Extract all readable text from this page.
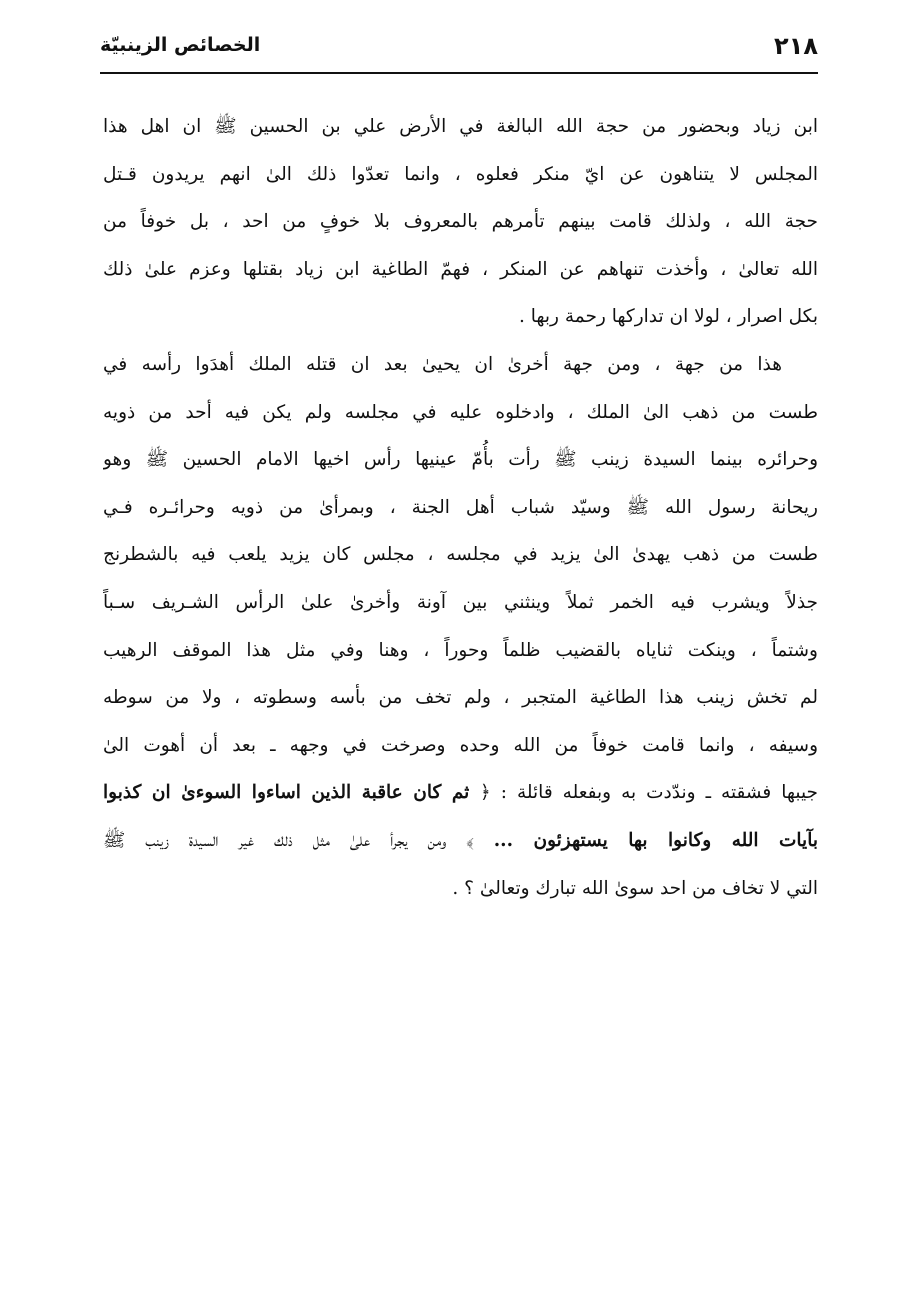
٢١٨
الخصائص الزينبيّة
ابن زياد وبحضور من حجة الله البالغة في الأرض علي بن الحسين ﷺ ان اهل هذا
المجلس لا يتناهون عن ايّ منكر فعلوه ، وانما تعدّوا ذلك الىٰ انهم يريدون قـتل
حجة الله ، ولذلك قامت بينهم تأمرهم بالمعروف بلا خوفٍ من احد ، بل خوفاً من
الله تعالىٰ ، وأخذت تنهاهم عن المنكر ، فهمّ الطاغية ابن زياد بقتلها وعزم علىٰ ذلك
بكل اصرار ، لولا ان تداركها رحمة ربها .
هذا من جهة ، ومن جهة أخرىٰ ان يحيىٰ بعد ان قتله الملك أهدَوا رأسه في
طست من ذهب الىٰ الملك ، وادخلوه عليه في مجلسه ولم يكن فيه أحد من ذويه
وحرائره بينما السيدة زينب ﷺ رأت بأُمّ عينيها رأس اخيها الامام الحسين ﷺ وهو
ريحانة رسول الله ﷺ وسيّد شباب أهل الجنة ، وبمرأىٰ من ذويه وحرائـره فـي
طست من ذهب يهدىٰ الىٰ يزيد في مجلسه ، مجلس كان يزيد يلعب فيه بالشطرنج
جذلاً ويشرب فيه الخمر ثملاً وينثني بين آونة وأخرىٰ علىٰ الرأس الشـريف سـباً
وشتماً ، وينكت ثناياه بالقضيب ظلماً وحوراً ، وهنا وفي مثل هذا الموقف الرهيب
لم تخش زينب هذا الطاغية المتجبر ، ولم تخف من بأسه وسطوته ، ولا من سوطه
وسيفه ، وانما قامت خوفاً من الله وحده وصرخت في وجهه ـ بعد أن أهوت الىٰ
جيبها فشقته ـ وندّدت به وبفعله قائلة : ﴿ ثم كان عاقبة الذين اساءوا السوءىٰ ان كذبوا
بآيات الله وكانوا بها يستهزئون ... ﴾ ومن يجرأ علىٰ مثل ذلك غير السيدة زينب ﷺ
التي لا تخاف من احد سوىٰ الله تبارك وتعالىٰ ؟ .
